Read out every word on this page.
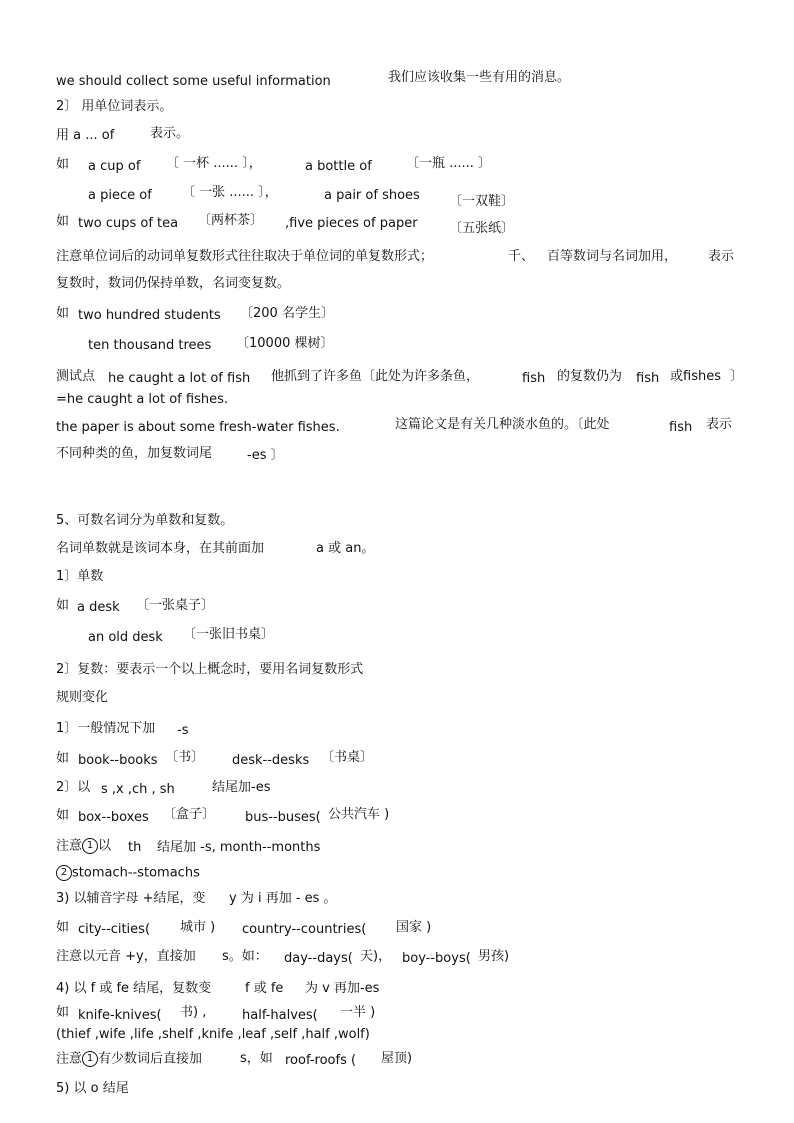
we should collect some useful information	我们应该收集一些有用的消息。
2〕 用单位词表示。
用 a ... of	表示。
如 a cup of 〔 一杯 ...... 〕，	a bottle of	〔一瓶 ...... 〕
a piece of 〔 一张 ...... 〕，	a pair of shoes 〔一双鞋〕
如 two cups of tea 〔两杯茶〕 ,five pieces of paper 〔五张纸〕
注意单位词后的动词单复数形式往往取决于单位词的单复数形式；	千、 百等数词与名词加用， 表示
复数时，数词仍保持单数，名词变复数。
如 two hundred students 〔200 名学生〕
ten thousand trees 〔10000 棵树〕
测试点 he caught a lot of fish 他抓到了许多鱼〔此处为许多条鱼，	fish 的复数仍为 fish 或fishes 〕
=he caught a lot of fishes.
the paper is about some fresh-water fishes.	这篇论文是有关几种淡水鱼的。〔此处	fish 表示
不同种类的鱼，加复数词尾	-es 〕
5、可数名词分为单数和复数。
名词单数就是该词本身，在其前面加	a 或 an。
1〕单数
如 a desk 〔一张桌子〕
an old desk 〔一张旧书桌〕
2〕复数：要表示一个以上概念时，要用名词复数形式
规则变化
1〕一般情况下加 -s
如 book--books 〔书〕 desk--desks 〔书桌〕
2〕以 s ,x ,ch , sh	结尾加-es
如 box--boxes 〔盒子〕 bus--buses( 公共汽车 )
注意 1 以 th 结尾加 -s, month--months
2 stomach--stomachs
3) 以辅音字母 +结尾，变 y 为 i 再加 - es 。
如 city--cities( 城市 ) country--countries( 国家 )
注意以元音 +y，直接加 s。如： day--days( 天)， boy--boys( 男孩)
4) 以 f 或 fe 结尾，复数变	f 或 fe 为 v 再加-es
如 knife-knives( 书) ,	half-halves( 一半 )
(thief ,wife ,life ,shelf ,knife ,leaf ,self ,half ,wolf)
注意 1 有少数词后直接加	s，如 roof-roofs ( 屋顶)
5) 以 o 结尾
